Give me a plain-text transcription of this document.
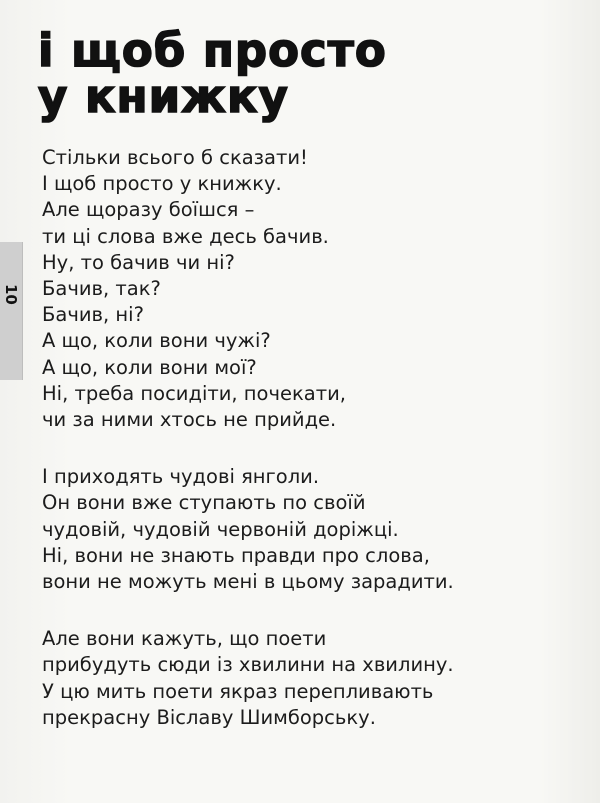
10
і щоб просто
у книжку
Стільки всього б сказати!
І щоб просто у книжку.
Але щоразу боїшся –
ти ці слова вже десь бачив.
Ну, то бачив чи ні?
Бачив, так?
Бачив, ні?
А що, коли вони чужі?
А що, коли вони мої?
Ні, треба посидіти, почекати,
чи за ними хтось не прийде.
І приходять чудові янголи.
Он вони вже ступають по своїй
чудовій, чудовій червоній доріжці.
Ні, вони не знають правди про слова,
вони не можуть мені в цьому зарадити.
Але вони кажуть, що поети
прибудуть сюди із хвилини на хвилину.
У цю мить поети якраз перепливають
прекрасну Віславу Шимборську.
